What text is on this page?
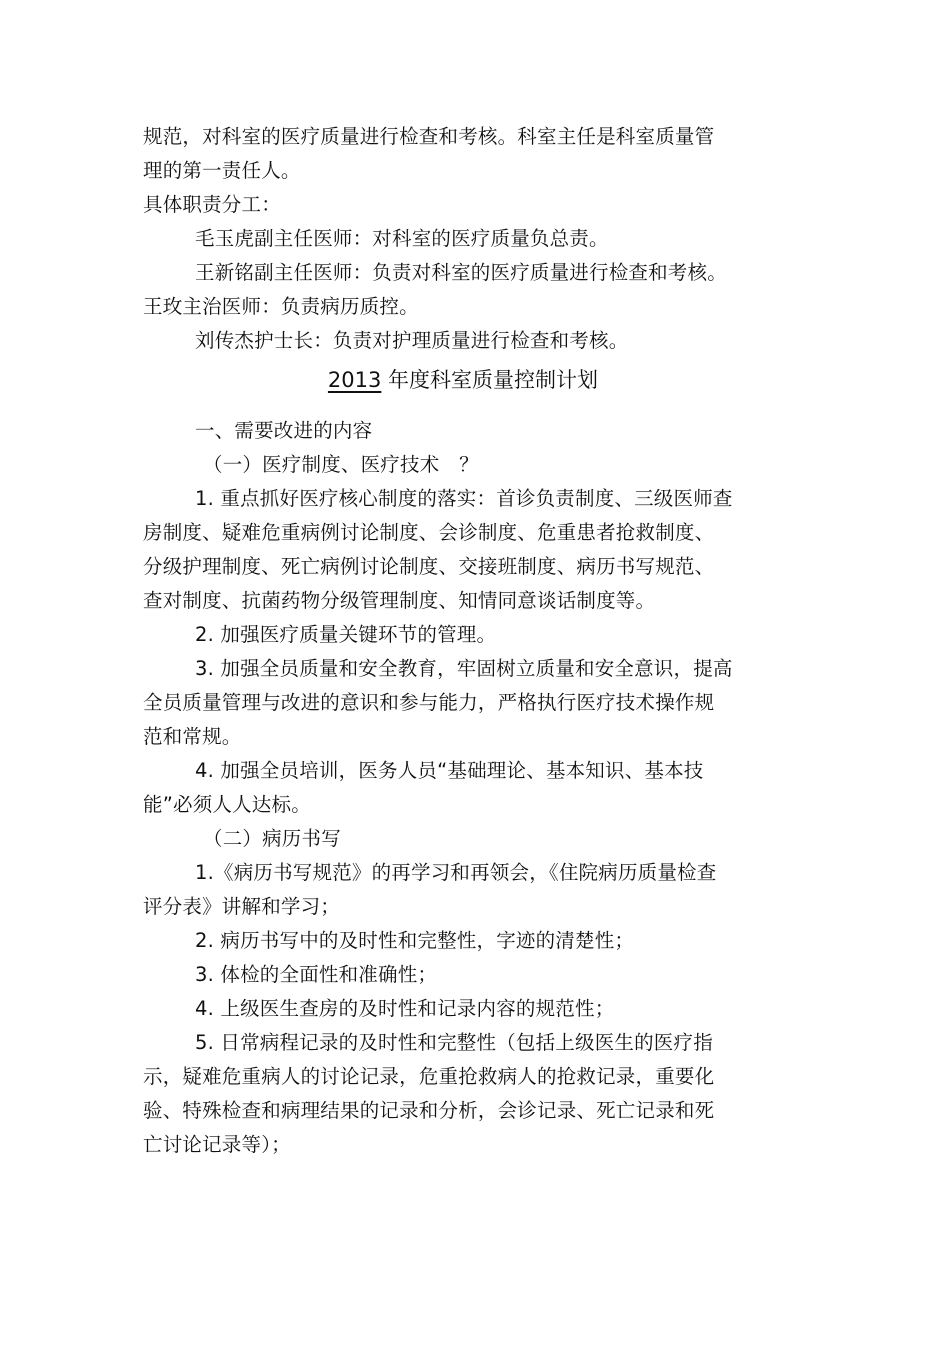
规范，对科室的医疗质量进行检查和考核。科室主任是科室质量管
理的第一责任人。
具体职责分工：
毛玉虎副主任医师：对科室的医疗质量负总责。
王新铭副主任医师：负责对科室的医疗质量进行检查和考核。
王玫主治医师：负责病历质控。
刘传杰护士长：负责对护理质量进行检查和考核。
2013 年度科室质量控制计划
一、需要改进的内容
（一）医疗制度、医疗技术　？
1. 重点抓好医疗核心制度的落实：首诊负责制度、三级医师查
房制度、疑难危重病例讨论制度、会诊制度、危重患者抢救制度、
分级护理制度、死亡病例讨论制度、交接班制度、病历书写规范、
查对制度、抗菌药物分级管理制度、知情同意谈话制度等。
2. 加强医疗质量关键环节的管理。
3. 加强全员质量和安全教育，牢固树立质量和安全意识，提高
全员质量管理与改进的意识和参与能力，严格执行医疗技术操作规
范和常规。
4. 加强全员培训，医务人员“基础理论、基本知识、基本技
能”必须人人达标。
（二）病历书写
1.《病历书写规范》的再学习和再领会，《住院病历质量检查
评分表》讲解和学习；
2. 病历书写中的及时性和完整性，字迹的清楚性；
3. 体检的全面性和准确性；
4. 上级医生查房的及时性和记录内容的规范性；
5. 日常病程记录的及时性和完整性（包括上级医生的医疗指
示，疑难危重病人的讨论记录，危重抢救病人的抢救记录，重要化
验、特殊检查和病理结果的记录和分析，会诊记录、死亡记录和死
亡讨论记录等）；
